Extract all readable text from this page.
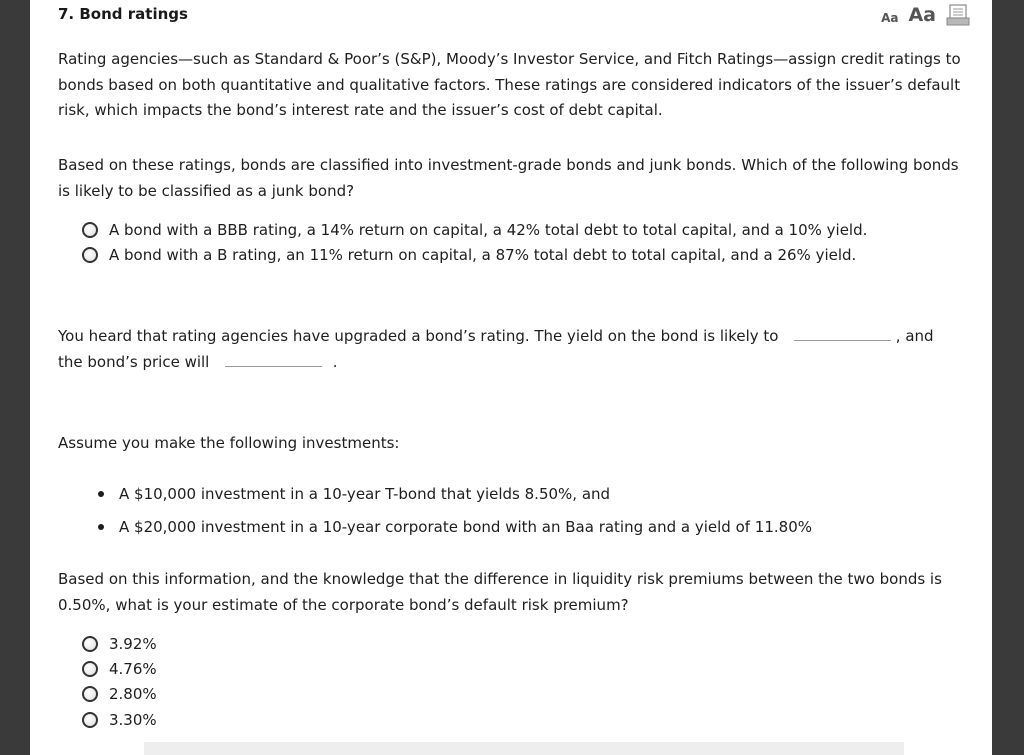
7. Bond ratings	Aa Aa

Rating agencies—such as Standard & Poor’s (S&P), Moody’s Investor Service, and Fitch Ratings—assign credit ratings to bonds based on both quantitative and qualitative factors. These ratings are considered indicators of the issuer’s default risk, which impacts the bond’s interest rate and the issuer’s cost of debt capital.

Based on these ratings, bonds are classified into investment-grade bonds and junk bonds. Which of the following bonds is likely to be classified as a junk bond?

A bond with a BBB rating, a 14% return on capital, a 42% total debt to total capital, and a 10% yield.
A bond with a B rating, an 11% return on capital, a 87% total debt to total capital, and a 26% yield.
You heard that rating agencies have upgraded a bond’s rating. The yield on the bond is likely to	, and
the bond’s price will	.

Assume you make the following investments:

A $10,000 investment in a 10-year T-bond that yields 8.50%, and
A $20,000 investment in a 10-year corporate bond with an Baa rating and a yield of 11.80%

Based on this information, and the knowledge that the difference in liquidity risk premiums between the two bonds is 0.50%, what is your estimate of the corporate bond’s default risk premium?

3.92%
4.76%
2.80%
3.30%
